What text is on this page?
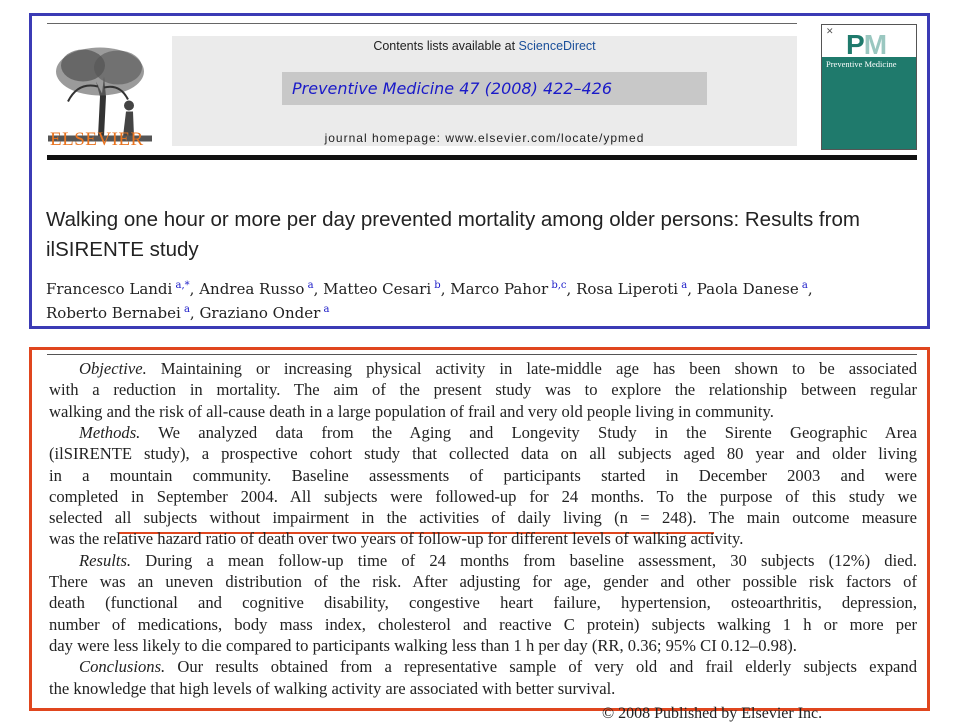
ELSEVIER
Contents lists available at ScienceDirect
Preventive Medicine 47 (2008) 422–426
journal homepage: www.elsevier.com/locate/ypmed
✕ PM
Preventive Medicine
Walking one hour or more per day prevented mortality among older persons: Results from ilSIRENTE study
Francesco Landi $^{a,*}$, Andrea Russo $^a$, Matteo Cesari $^b$, Marco Pahor $^{b,c}$, Rosa Liperoti $^a$, Paola Danese $^a$,
Roberto Bernabei $^a$, Graziano Onder $^a$
© 2008 Published by Elsevier Inc.
Objective. Maintaining or increasing physical activity in late-middle age has been shown to be associated
with a reduction in mortality. The aim of the present study was to explore the relationship between regular
walking and the risk of all-cause death in a large population of frail and very old people living in community.
Methods. We analyzed data from the Aging and Longevity Study in the Sirente Geographic Area
(ilSIRENTE study), a prospective cohort study that collected data on all subjects aged 80 year and older living
in a mountain community. Baseline assessments of participants started in December 2003 and were
completed in September 2004. All subjects were followed-up for 24 months. To the purpose of this study we
selected all subjects without impairment in the activities of daily living (n = 248). The main outcome measure
was the relative hazard ratio of death over two years of follow-up for different levels of walking activity.
Results. During a mean follow-up time of 24 months from baseline assessment, 30 subjects (12%) died.
There was an uneven distribution of the risk. After adjusting for age, gender and other possible risk factors of
death (functional and cognitive disability, congestive heart failure, hypertension, osteoarthritis, depression,
number of medications, body mass index, cholesterol and reactive C protein) subjects walking 1 h or more per
day were less likely to die compared to participants walking less than 1 h per day (RR, 0.36; 95% CI 0.12–0.98).
Conclusions. Our results obtained from a representative sample of very old and frail elderly subjects expand
the knowledge that high levels of walking activity are associated with better survival.
